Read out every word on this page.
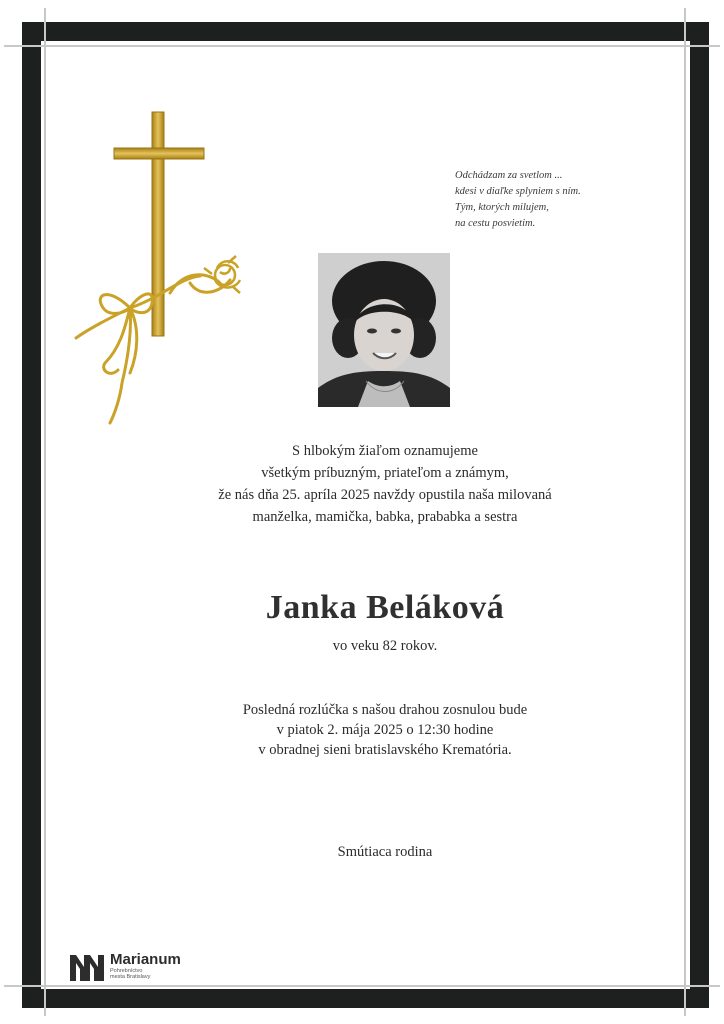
Odchádzam za svetlom ...
kdesi v diaľke splyniem s ním.
Tým, ktorých milujem,
na cestu posvietim.
S hlbokým žiaľom oznamujeme
všetkým príbuzným, priateľom a známym,
že nás dňa 25. apríla 2025 navždy opustila naša milovaná
manželka, mamička, babka, prababka a sestra
Janka Beláková
vo veku 82 rokov.
Posledná rozlúčka s našou drahou zosnulou bude
v piatok 2. mája 2025 o 12:30 hodine
v obradnej sieni bratislavského Krematória.
Smútiaca rodina
Marianum
Pohrebníctvo
mesta Bratislavy
